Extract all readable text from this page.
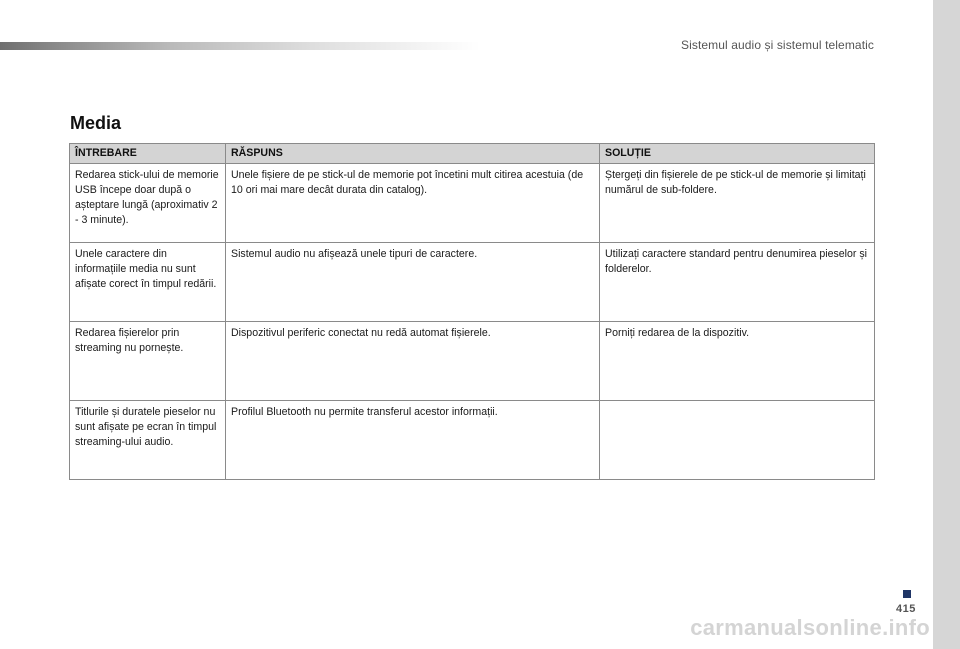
Sistemul audio și sistemul telematic
Media
ÎNTREBARE	RĂSPUNS	SOLUȚIE
Redarea stick-ului de memorie USB începe doar după o așteptare lungă (aproximativ 2 - 3 minute).	Unele fișiere de pe stick-ul de memorie pot încetini mult citirea acestuia (de 10 ori mai mare decât durata din catalog).	Ștergeți din fișierele de pe stick-ul de memorie și limitați numărul de sub-foldere.
Unele caractere din informațiile media nu sunt afișate corect în timpul redării.	Sistemul audio nu afișează unele tipuri de caractere.	Utilizați caractere standard pentru denumirea pieselor și folderelor.
Redarea fișierelor prin streaming nu pornește.	Dispozitivul periferic conectat nu redă automat fișierele.	Porniți redarea de la dispozitiv.
Titlurile și duratele pieselor nu sunt afișate pe ecran în timpul streaming-ului audio.	Profilul Bluetooth nu permite transferul acestor informații.	
415
carmanualsonline.info
